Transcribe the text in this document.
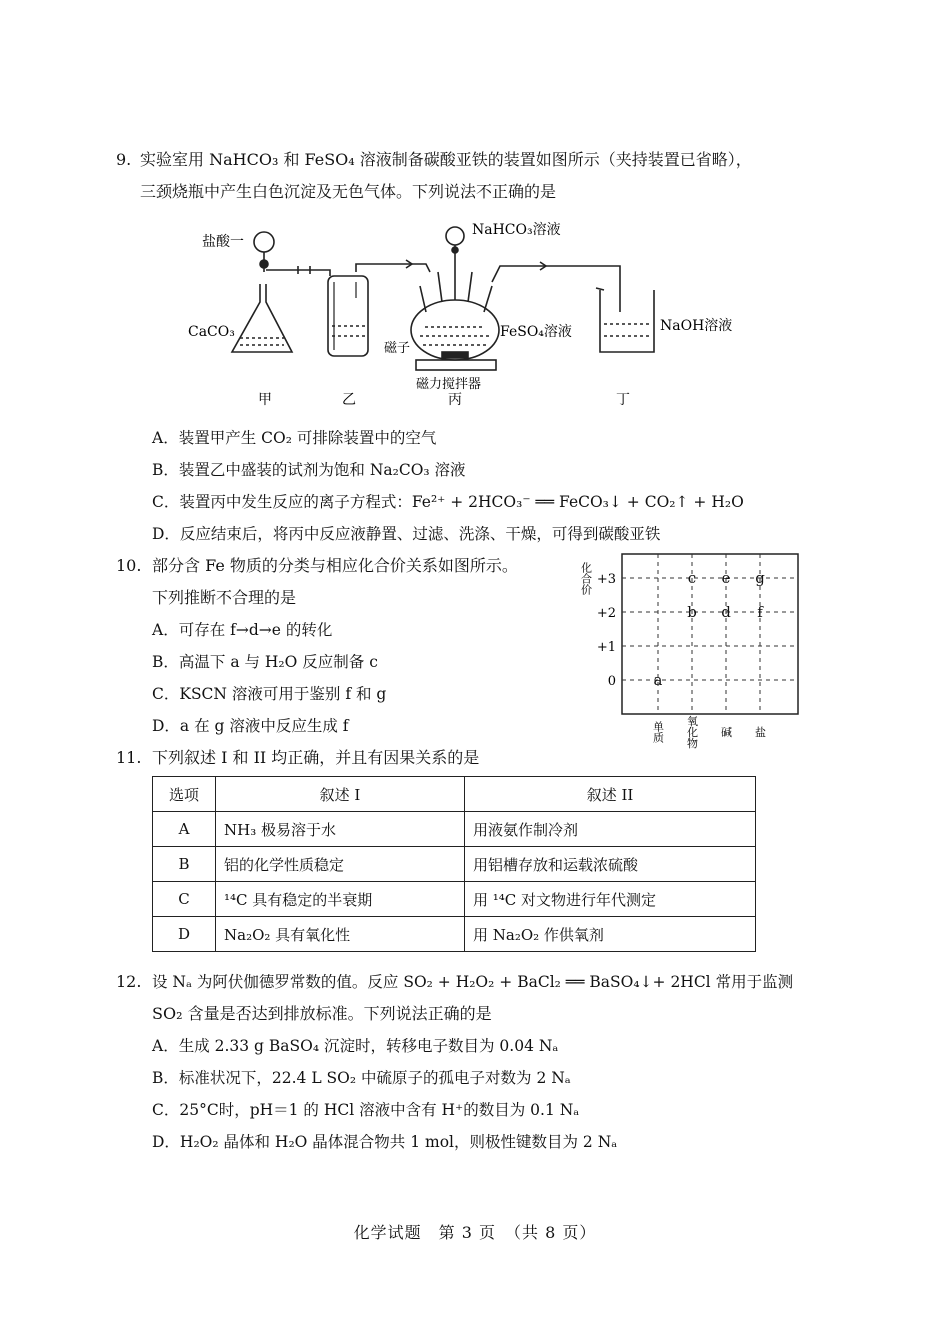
9. 实验室用 NaHCO₃ 和 FeSO₄ 溶液制备碳酸亚铁的装置如图所示（夹持装置已省略），
三颈烧瓶中产生白色沉淀及无色气体。下列说法不正确的是
盐酸一
CaCO₃
NaHCO₃溶液
FeSO₄溶液
磁子
磁力搅拌器
NaOH溶液
甲	乙	丙	丁
A．装置甲产生 CO₂ 可排除装置中的空气
B．装置乙中盛装的试剂为饱和 Na₂CO₃ 溶液
C．装置丙中发生反应的离子方程式：Fe²⁺ + 2HCO₃⁻ ══ FeCO₃↓ + CO₂↑ + H₂O
D．反应结束后，将丙中反应液静置、过滤、洗涤、干燥，可得到碳酸亚铁
10. 部分含 Fe 物质的分类与相应化合价关系如图所示。
下列推断不合理的是
A．可存在 f→d→e 的转化
B．高温下 a 与 H₂O 反应制备 c
C．KSCN 溶液可用于鉴别 f 和 g
D．a 在 g 溶液中反应生成 f
化合价 +3
+2
+1
0
单质 氧化物 碱 盐
a
b
c
d
e
f
g
11. 下列叙述 I 和 II 均正确，并且有因果关系的是
选项	叙述 I	叙述 II
A	NH₃ 极易溶于水	用液氨作制冷剂
B	铝的化学性质稳定	用铝槽存放和运载浓硫酸
C	¹⁴C 具有稳定的半衰期	用 ¹⁴C 对文物进行年代测定
D	Na₂O₂ 具有氧化性	用 Na₂O₂ 作供氧剂
12. 设 Nₐ 为阿伏伽德罗常数的值。反应 SO₂ + H₂O₂ + BaCl₂ ══ BaSO₄↓+ 2HCl 常用于监测
SO₂ 含量是否达到排放标准。下列说法正确的是
A．生成 2.33 g BaSO₄ 沉淀时，转移电子数目为 0.04 Nₐ
B．标准状况下，22.4 L SO₂ 中硫原子的孤电子对数为 2 Nₐ
C．25°C时，pH＝1 的 HCl 溶液中含有 H⁺的数目为 0.1 Nₐ
D．H₂O₂ 晶体和 H₂O 晶体混合物共 1 mol，则极性键数目为 2 Nₐ
化学试题　第 3 页　（共 8 页）
